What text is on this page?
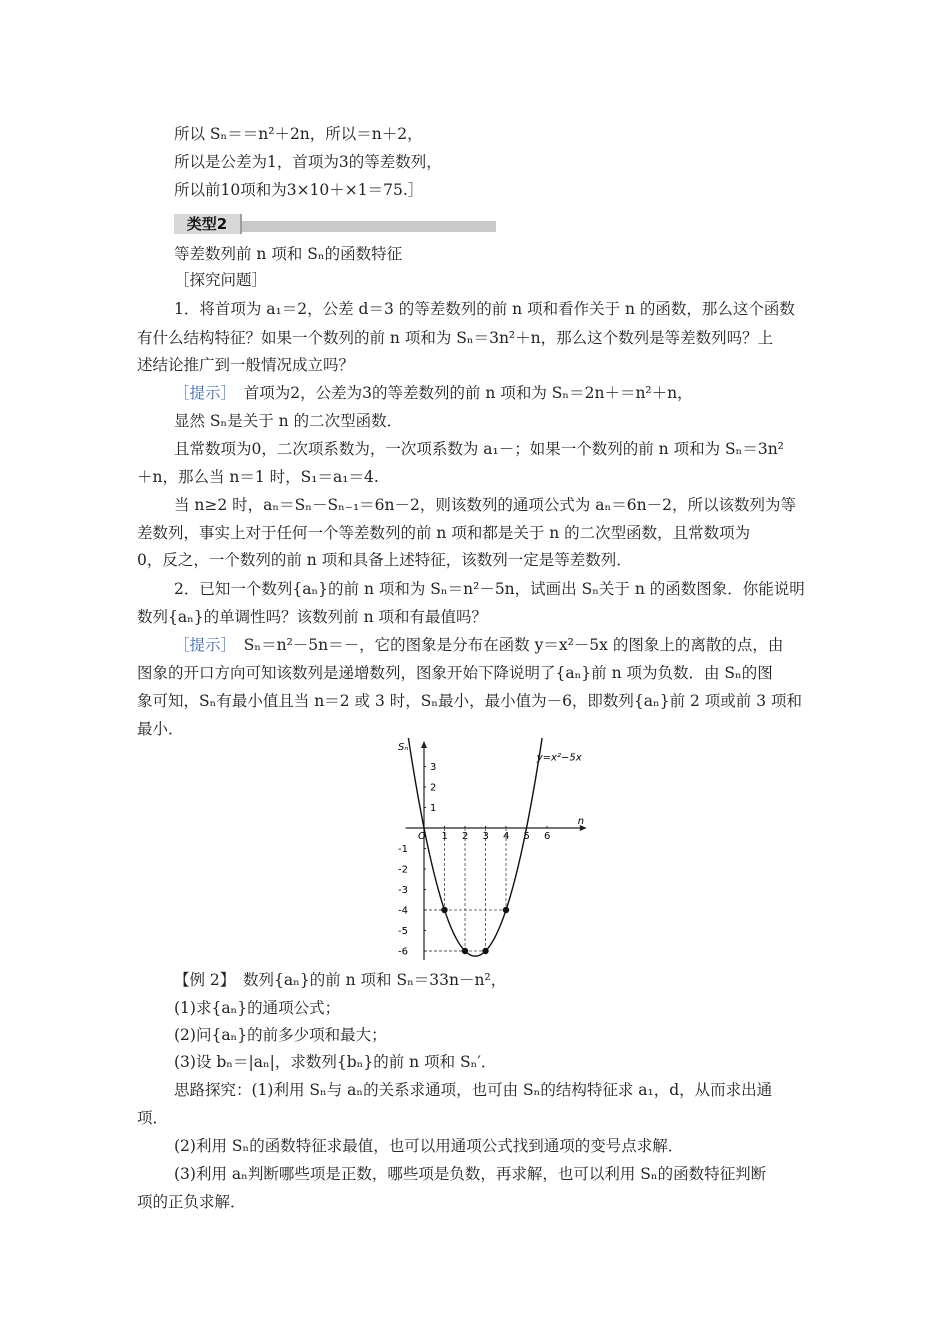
所以 Sₙ＝＝n²＋2n，所以＝n＋2，
所以是公差为1，首项为3的等差数列，
所以前10项和为3×10＋×1＝75.］
类型2
等差数列前 n 项和 Sₙ的函数特征
［探究问题］
1．将首项为 a₁＝2，公差 d＝3 的等差数列的前 n 项和看作关于 n 的函数，那么这个函数
有什么结构特征？如果一个数列的前 n 项和为 Sₙ＝3n²＋n，那么这个数列是等差数列吗？上
述结论推广到一般情况成立吗？
［提示］　 首项为2，公差为3的等差数列的前 n 项和为 Sₙ＝2n＋＝n²＋n，
显然 Sₙ是关于 n 的二次型函数．
且常数项为0，二次项系数为，一次项系数为 a₁－；如果一个数列的前 n 项和为 Sₙ＝3n²
＋n，那么当 n＝1 时，S₁＝a₁＝4.
当 n≥2 时，aₙ＝Sₙ－Sₙ₋₁＝6n－2，则该数列的通项公式为 aₙ＝6n－2，所以该数列为等
差数列，事实上对于任何一个等差数列的前 n 项和都是关于 n 的二次型函数，且常数项为
0，反之，一个数列的前 n 项和具备上述特征，该数列一定是等差数列．
2．已知一个数列{aₙ}的前 n 项和为 Sₙ＝n²－5n，试画出 Sₙ关于 n 的函数图象．你能说明
数列{aₙ}的单调性吗？该数列前 n 项和有最值吗？
［提示］　 Sₙ＝n²－5n＝－，它的图象是分布在函数 y＝x²－5x 的图象上的离散的点，由
图象的开口方向可知该数列是递增数列，图象开始下降说明了{aₙ}前 n 项为负数．由 Sₙ的图
象可知，Sₙ有最小值且当 n＝2 或 3 时，Sₙ最小，最小值为－6，即数列{aₙ}前 2 项或前 3 项和
最小．
1 2 3 4 5 6
3
2
1
-1
-2
-3
-4
-5
-6
O
Sₙ
n
y=x²−5x
【例 2】　数列{aₙ}的前 n 项和 Sₙ＝33n－n²，
(1)求{aₙ}的通项公式；
(2)问{aₙ}的前多少项和最大；
(3)设 bₙ＝|aₙ|，求数列{bₙ}的前 n 项和 Sₙ′．
思路探究：(1)利用 Sₙ与 aₙ的关系求通项，也可由 Sₙ的结构特征求 a₁，d，从而求出通
项．
(2)利用 Sₙ的函数特征求最值，也可以用通项公式找到通项的变号点求解．
(3)利用 aₙ判断哪些项是正数，哪些项是负数，再求解，也可以利用 Sₙ的函数特征判断
项的正负求解．
